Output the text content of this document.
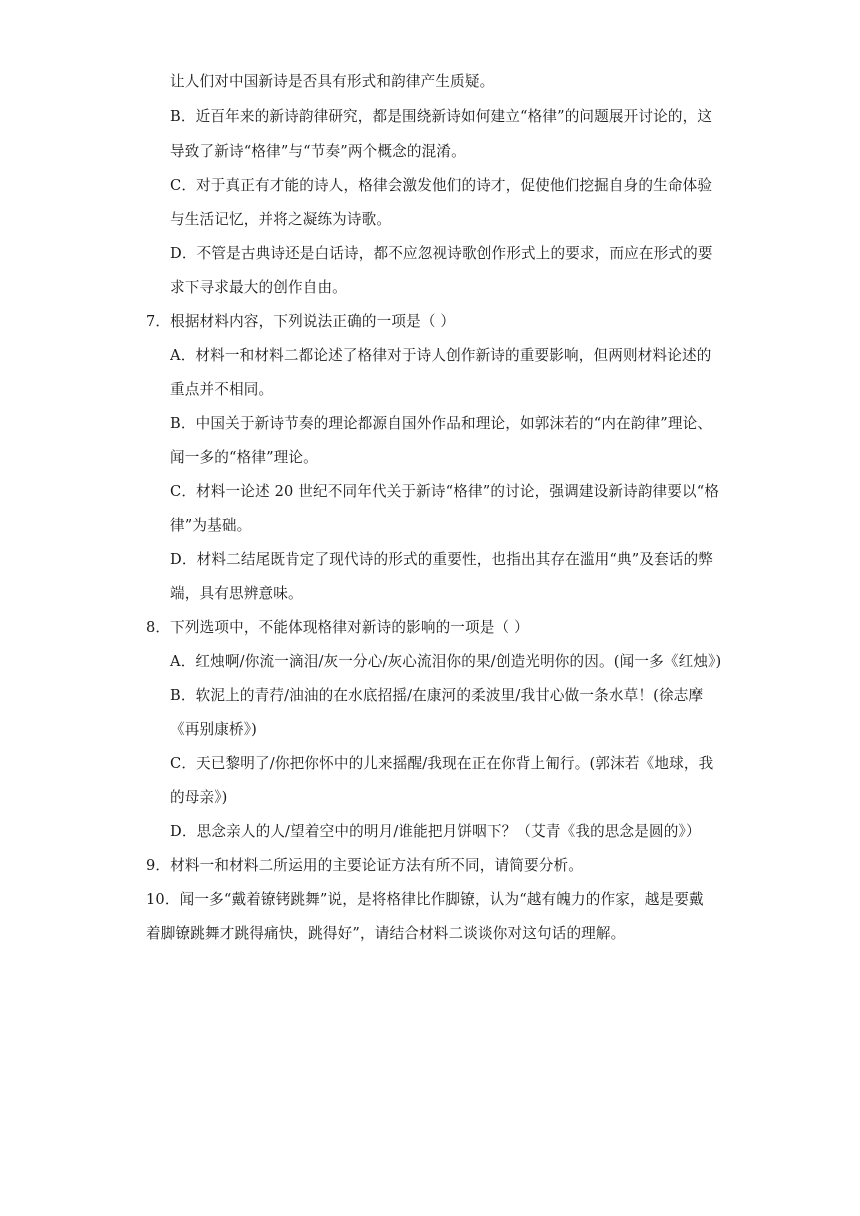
让人们对中国新诗是否具有形式和韵律产生质疑。
B．近百年来的新诗韵律研究，都是围绕新诗如何建立“格律”的问题展开讨论的，这
导致了新诗“格律”与“节奏”两个概念的混淆。
C．对于真正有才能的诗人，格律会激发他们的诗才，促使他们挖掘自身的生命体验
与生活记忆，并将之凝练为诗歌。
D．不管是古典诗还是白话诗，都不应忽视诗歌创作形式上的要求，而应在形式的要
求下寻求最大的创作自由。
7．根据材料内容，下列说法正确的一项是（ ）
A．材料一和材料二都论述了格律对于诗人创作新诗的重要影响，但两则材料论述的
重点并不相同。
B．中国关于新诗节奏的理论都源自国外作品和理论，如郭沫若的“内在韵律”理论、
闻一多的“格律”理论。
C．材料一论述 20 世纪不同年代关于新诗“格律”的讨论，强调建设新诗韵律要以“格
律”为基础。
D．材料二结尾既肯定了现代诗的形式的重要性，也指出其存在滥用“典”及套话的弊
端，具有思辨意味。
8．下列选项中，不能体现格律对新诗的影响的一项是（ ）
A．红烛啊/你流一滴泪/灰一分心/灰心流泪你的果/创造光明你的因。(闻一多《红烛》)
B．软泥上的青荇/油油的在水底招摇/在康河的柔波里/我甘心做一条水草！(徐志摩
《再别康桥》)
C．天已黎明了/你把你怀中的儿来摇醒/我现在正在你背上匍行。(郭沫若《地球，我
的母亲》)
D．思念亲人的人/望着空中的明月/谁能把月饼咽下？（艾青《我的思念是圆的》）
9．材料一和材料二所运用的主要论证方法有所不同，请简要分析。
10．闻一多“戴着镣铐跳舞”说，是将格律比作脚镣，认为“越有魄力的作家，越是要戴
着脚镣跳舞才跳得痛快，跳得好”，请结合材料二谈谈你对这句话的理解。
